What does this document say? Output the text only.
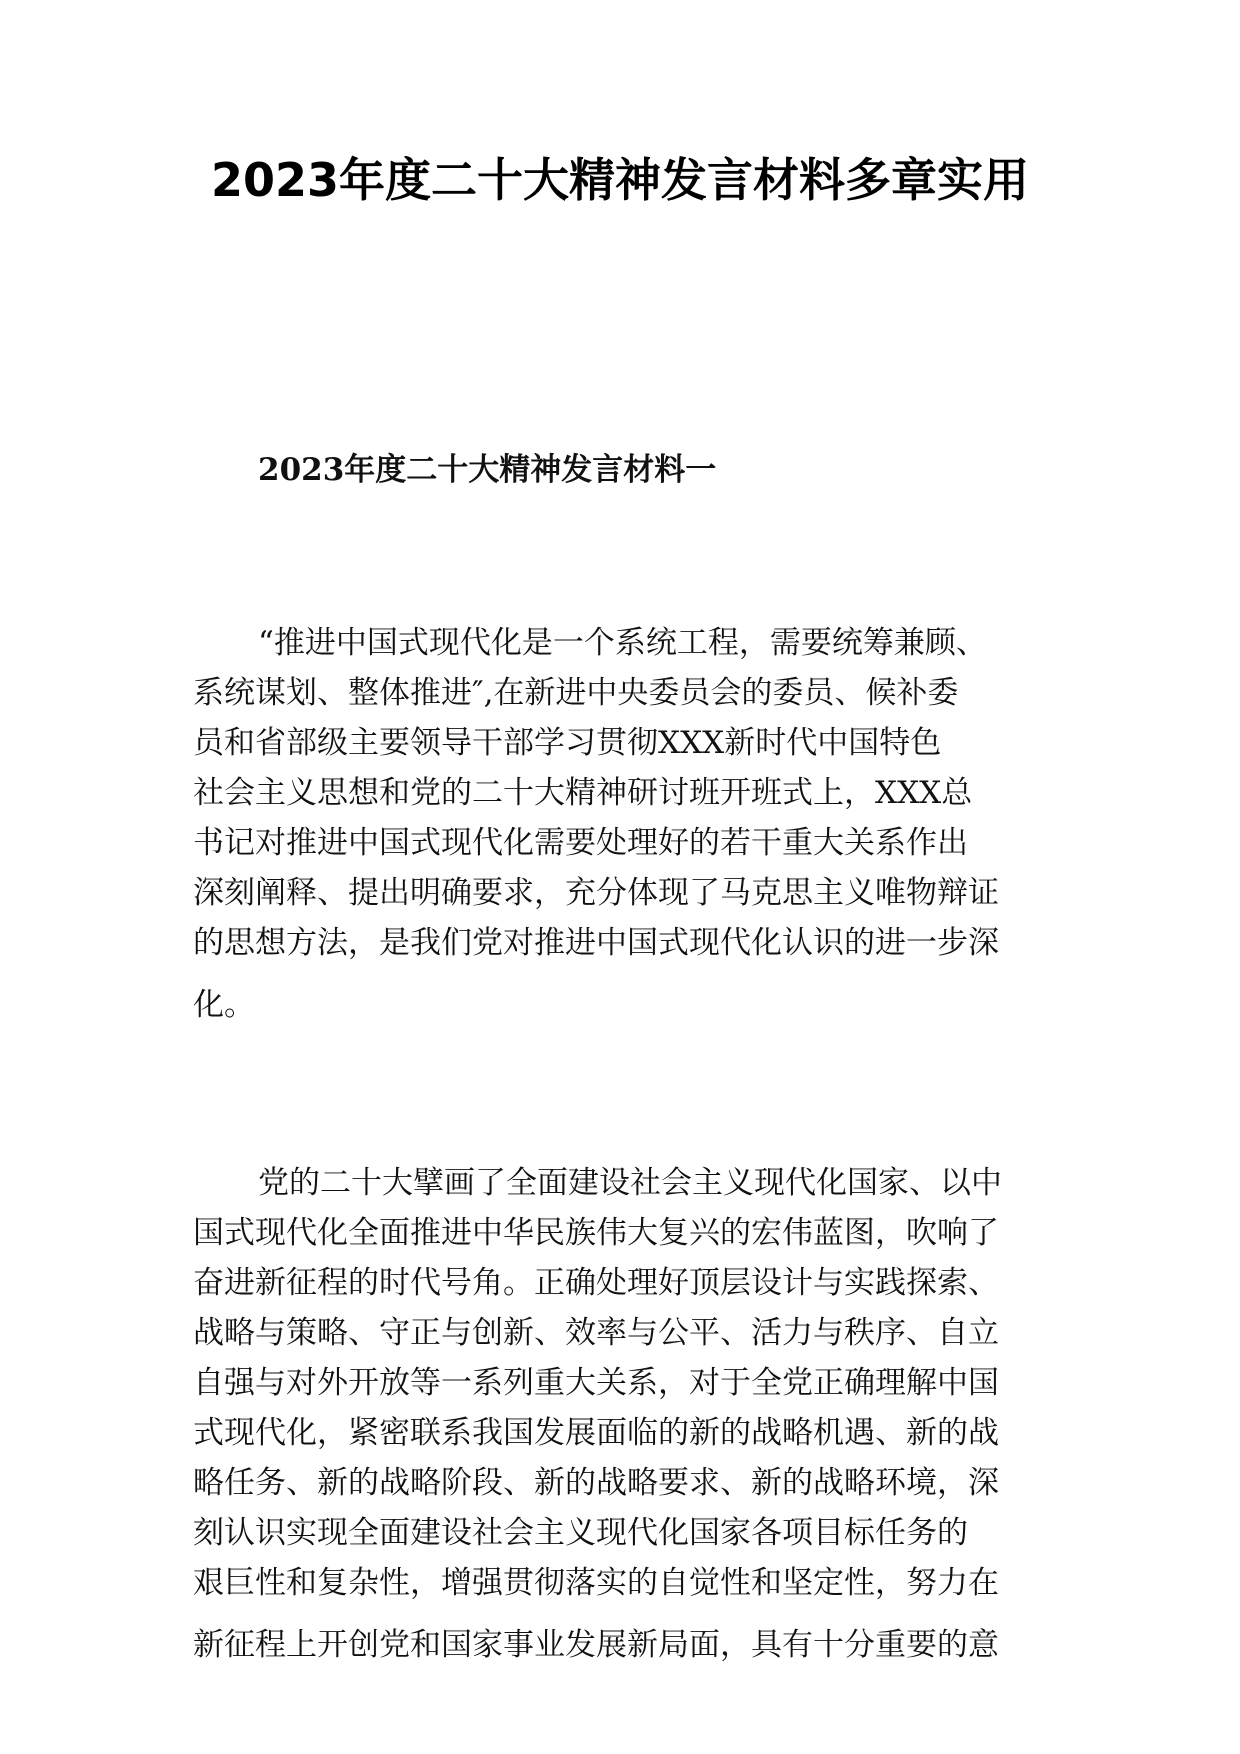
2023年度二十大精神发言材料多章实用
2023年度二十大精神发言材料一

“推进中国式现代化是一个系统工程，需要统筹兼顾、
系统谋划、整体推进″,在新进中央委员会的委员、候补委
员和省部级主要领导干部学习贯彻XXX新时代中国特色
社会主义思想和党的二十大精神研讨班开班式上，XXX总
书记对推进中国式现代化需要处理好的若干重大关系作出
深刻阐释、提出明确要求，充分体现了马克思主义唯物辩证
的思想方法，是我们党对推进中国式现代化认识的进一步深
化。

党的二十大擘画了全面建设社会主义现代化国家、以中
国式现代化全面推进中华民族伟大复兴的宏伟蓝图，吹响了
奋进新征程的时代号角。正确处理好顶层设计与实践探索、
战略与策略、守正与创新、效率与公平、活力与秩序、自立
自强与对外开放等一系列重大关系，对于全党正确理解中国
式现代化，紧密联系我国发展面临的新的战略机遇、新的战
略任务、新的战略阶段、新的战略要求、新的战略环境，深
刻认识实现全面建设社会主义现代化国家各项目标任务的
艰巨性和复杂性，增强贯彻落实的自觉性和坚定性，努力在
新征程上开创党和国家事业发展新局面，具有十分重要的意
